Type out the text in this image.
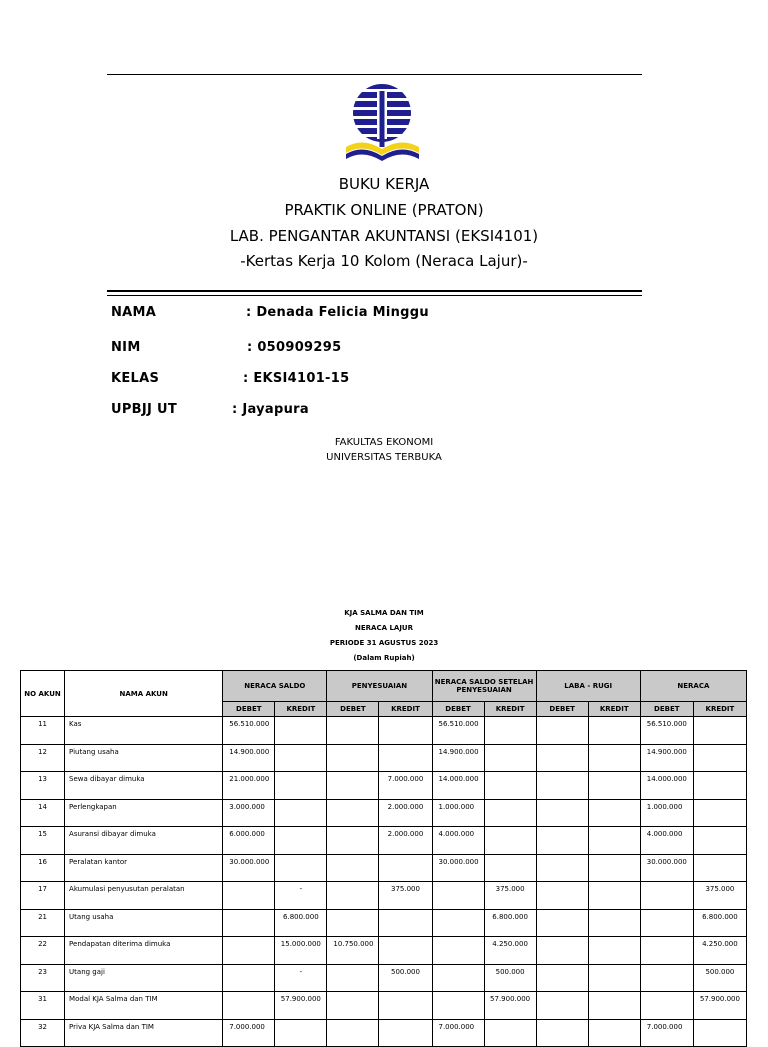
BUKU KERJA
PRAKTIK ONLINE (PRATON)
LAB. PENGANTAR AKUNTANSI (EKSI4101)
-Kertas Kerja 10 Kolom (Neraca Lajur)-
NAMA	: Denada Felicia Minggu
NIM	: 050909295
KELAS	: EKSI4101-15
UPBJJ UT	: Jayapura
FAKULTAS EKONOMI
UNIVERSITAS TERBUKA
KJA SALMA DAN TIM
NERACA LAJUR
PERIODE 31 AGUSTUS 2023
(Dalam Rupiah)
NO AKUN	NAMA AKUN	NERACA SALDO		PENYESUAIAN		NERACA SALDO SETELAH PENYESUAIAN		LABA - RUGI		NERACA	
		DEBET	KREDIT	DEBET	KREDIT	DEBET	KREDIT	DEBET	KREDIT	DEBET	KREDIT
11	Kas	56.510.000				56.510.000				56.510.000	
12	Piutang usaha	14.900.000				14.900.000				14.900.000	
13	Sewa dibayar dimuka	21.000.000			7.000.000	14.000.000				14.000.000	
14	Perlengkapan	3.000.000			2.000.000	1.000.000				1.000.000	
15	Asuransi dibayar dimuka	6.000.000			2.000.000	4.000.000				4.000.000	
16	Peralatan kantor	30.000.000				30.000.000				30.000.000	
17	Akumulasi penyusutan peralatan		-		375.000		375.000				375.000
21	Utang usaha		6.800.000				6.800.000				6.800.000
22	Pendapatan diterima dimuka		15.000.000	10.750.000			4.250.000				4.250.000
23	Utang gaji		-		500.000		500.000				500.000
31	Modal KJA Salma dan TIM		57.900.000				57.900.000				57.900.000
32	Priva KJA Salma dan TIM	7.000.000				7.000.000				7.000.000	
